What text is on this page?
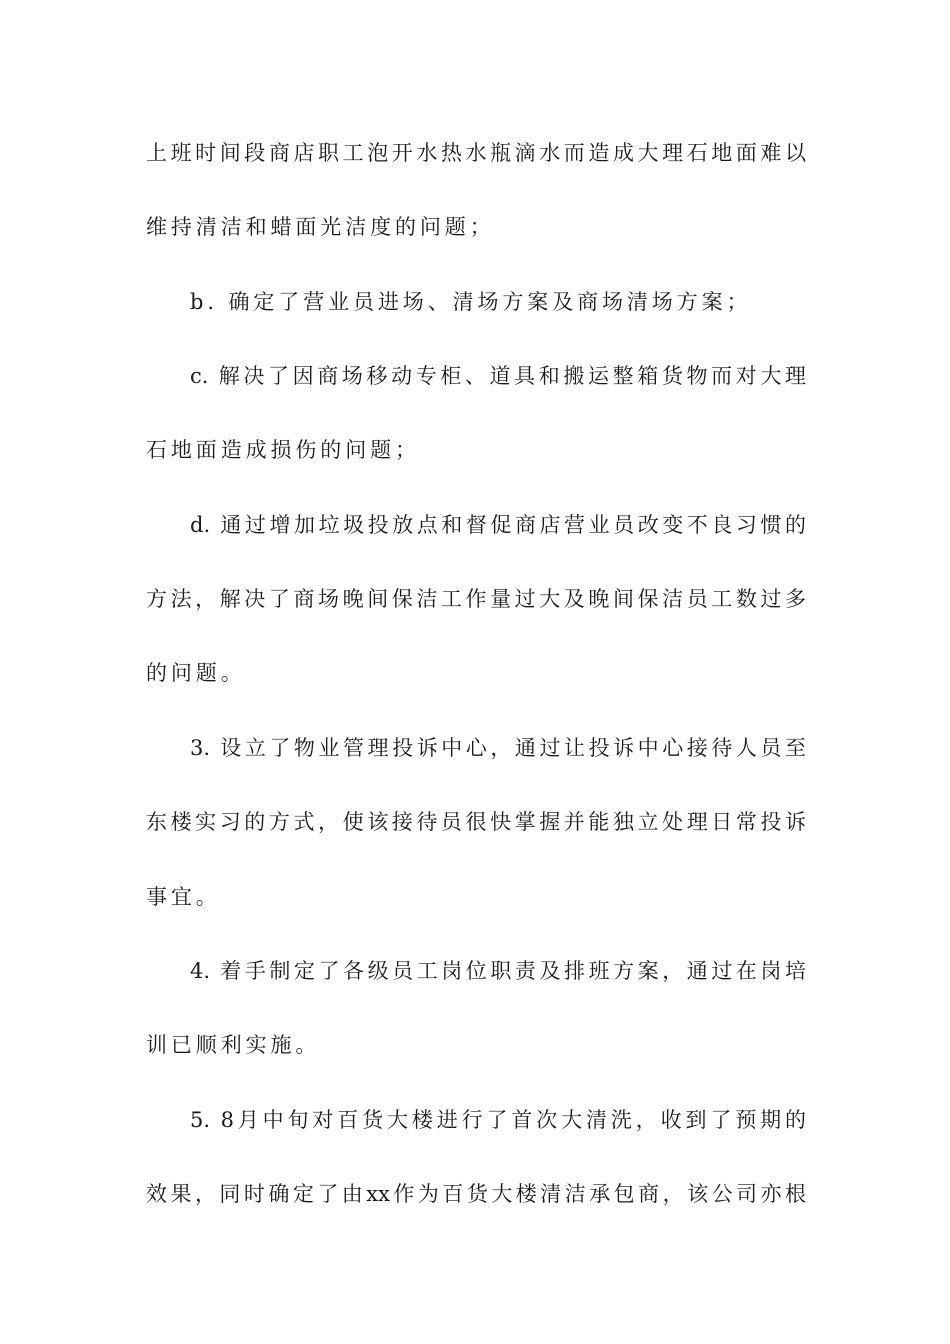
上班时间段商店职工泡开水热水瓶滴水而造成大理石地面难以
维持清洁和蜡面光洁度的问题；
b. 确定了营业员进场、清场方案及商场清场方案；
c. 解决了因商场移动专柜、道具和搬运整箱货物而对大理
石地面造成损伤的问题；
d. 通过增加垃圾投放点和督促商店营业员改变不良习惯的
方法，解决了商场晚间保洁工作量过大及晚间保洁员工数过多
的问题。
3. 设立了物业管理投诉中心，通过让投诉中心接待人员至
东楼实习的方式，使该接待员很快掌握并能独立处理日常投诉
事宜。
4. 着手制定了各级员工岗位职责及排班方案，通过在岗培
训已顺利实施。
5. 8月中旬对百货大楼进行了首次大清洗，收到了预期的
效果，同时确定了由xx作为百货大楼清洁承包商，该公司亦根
